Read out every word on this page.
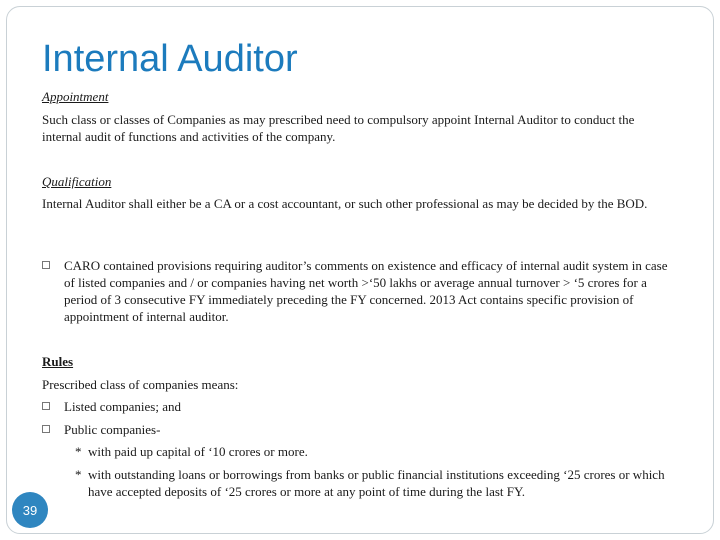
Internal Auditor
Appointment

Such class or classes of Companies as may prescribed need to compulsory appoint Internal Auditor to conduct the internal audit of functions and activities of the company.

Qualification

Internal Auditor shall either be a CA or a cost accountant, or such other professional as may be decided by the BOD.

CARO contained provisions requiring auditor’s comments on existence and efficacy of internal audit system in case of listed companies and / or companies having net worth >‘50 lakhs or average annual turnover > ‘5 crores for a period of 3 consecutive FY immediately preceding the FY concerned. 2013 Act contains specific provision of appointment of internal auditor.
Rules
Prescribed class of companies means:
Listed companies; and
Public companies-
* with paid up capital of ‘10 crores or more.
* with outstanding loans or borrowings from banks or public financial institutions exceeding ‘25 crores or which have accepted deposits of ‘25 crores or more at any point of time during the last FY.
39
